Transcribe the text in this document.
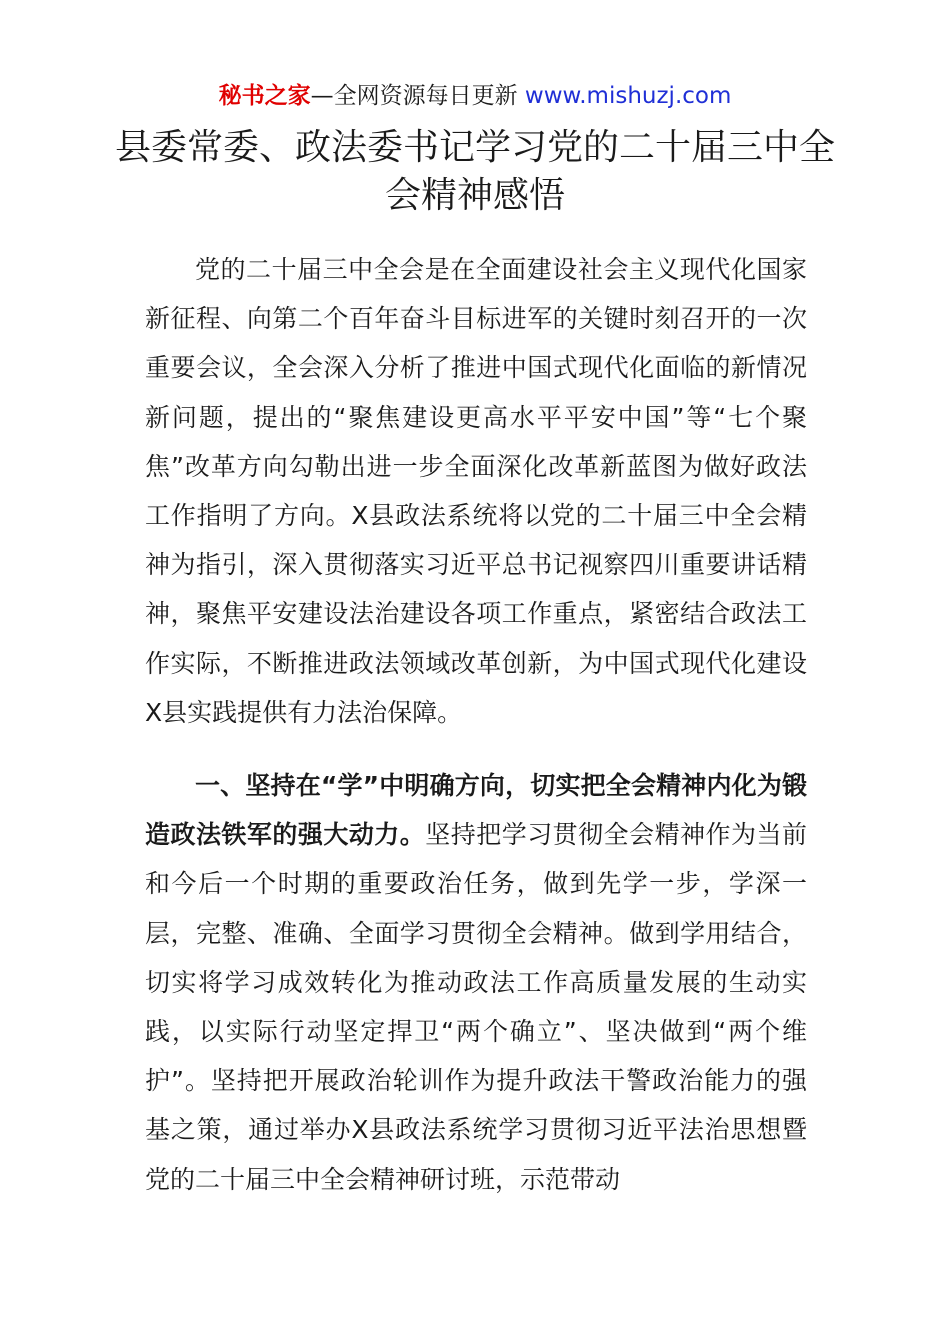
秘书之家—全网资源每日更新 www.mishuzj.com
县委常委、政法委书记学习党的二十届三中全会精神感悟

党的二十届三中全会是在全面建设社会主义现代化国家新征程、向第二个百年奋斗目标进军的关键时刻召开的一次重要会议，全会深入分析了推进中国式现代化面临的新情况新问题，提出的“聚焦建设更高水平平安中国”等“七个聚焦”改革方向勾勒出进一步全面深化改革新蓝图为做好政法工作指明了方向。X县政法系统将以党的二十届三中全会精神为指引，深入贯彻落实习近平总书记视察四川重要讲话精神，聚焦平安建设法治建设各项工作重点，紧密结合政法工作实际，不断推进政法领域改革创新，为中国式现代化建设X县实践提供有力法治保障。

一、坚持在“学”中明确方向，切实把全会精神内化为锻造政法铁军的强大动力。坚持把学习贯彻全会精神作为当前和今后一个时期的重要政治任务，做到先学一步，学深一层，完整、准确、全面学习贯彻全会精神。做到学用结合，切实将学习成效转化为推动政法工作高质量发展的生动实践，以实际行动坚定捍卫“两个确立”、坚决做到“两个维护”。坚持把开展政治轮训作为提升政法干警政治能力的强基之策，通过举办X县政法系统学习贯彻习近平法治思想暨党的二十届三中全会精神研讨班，示范带动
